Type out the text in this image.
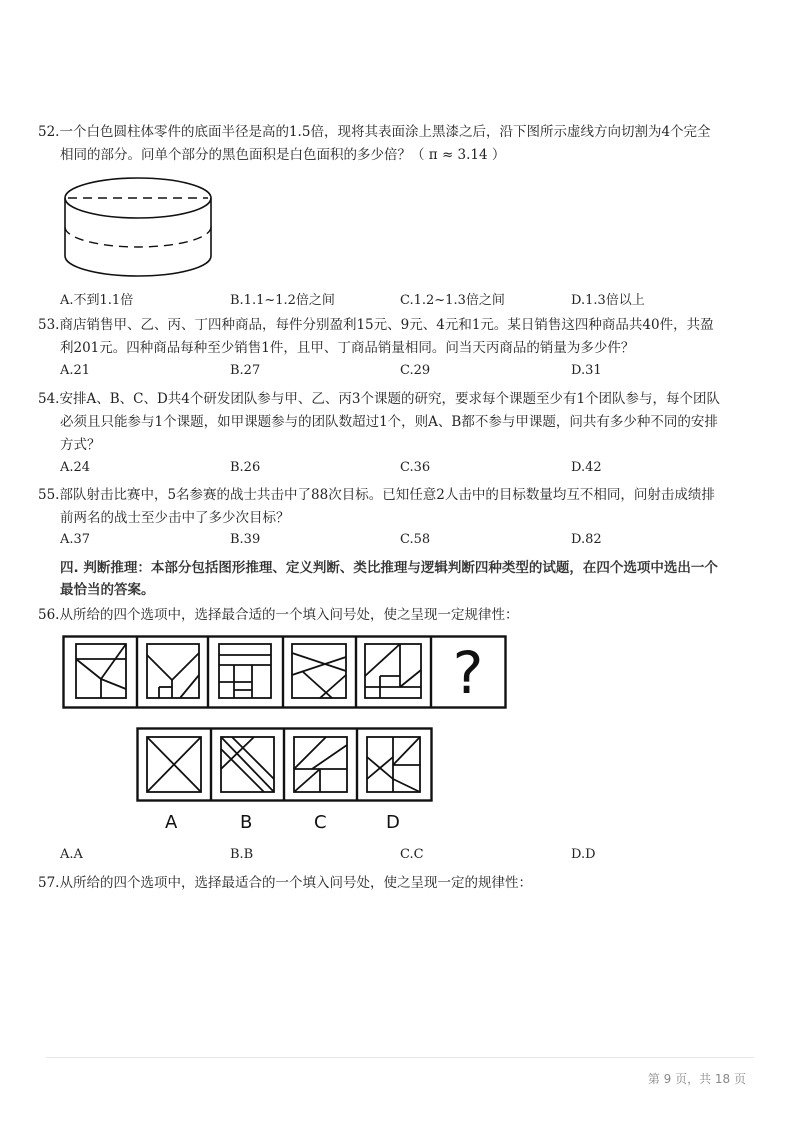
52.一个白色圆柱体零件的底面半径是高的1.5倍，现将其表面涂上黑漆之后，沿下图所示虚线方向切割为4个完全
相同的部分。问单个部分的黑色面积是白色面积的多少倍？（ π ≈ 3.14 ）
A.不到1.1倍	B.1.1~1.2倍之间	C.1.2~1.3倍之间	D.1.3倍以上
53.商店销售甲、乙、丙、丁四种商品，每件分别盈利15元、9元、4元和1元。某日销售这四种商品共40件，共盈
利201元。四种商品每种至少销售1件，且甲、丁商品销量相同。问当天丙商品的销量为多少件？
A.21	B.27	C.29	D.31
54.安排A、B、C、D共4个研发团队参与甲、乙、丙3个课题的研究，要求每个课题至少有1个团队参与，每个团队
必须且只能参与1个课题，如甲课题参与的团队数超过1个，则A、B都不参与甲课题，问共有多少种不同的安排
方式？
A.24	B.26	C.36	D.42
55.部队射击比赛中，5名参赛的战士共击中了88次目标。已知任意2人击中的目标数量均互不相同，问射击成绩排
前两名的战士至少击中了多少次目标？
A.37	B.39	C.58	D.82
四. 判断推理：本部分包括图形推理、定义判断、类比推理与逻辑判断四种类型的试题，在四个选项中选出一个
最恰当的答案。
56.从所给的四个选项中，选择最合适的一个填入问号处，使之呈现一定规律性：
?
A	B	C	D
A.A	B.B	C.C	D.D
57.从所给的四个选项中，选择最适合的一个填入问号处，使之呈现一定的规律性：
第 9 页，共 18 页
